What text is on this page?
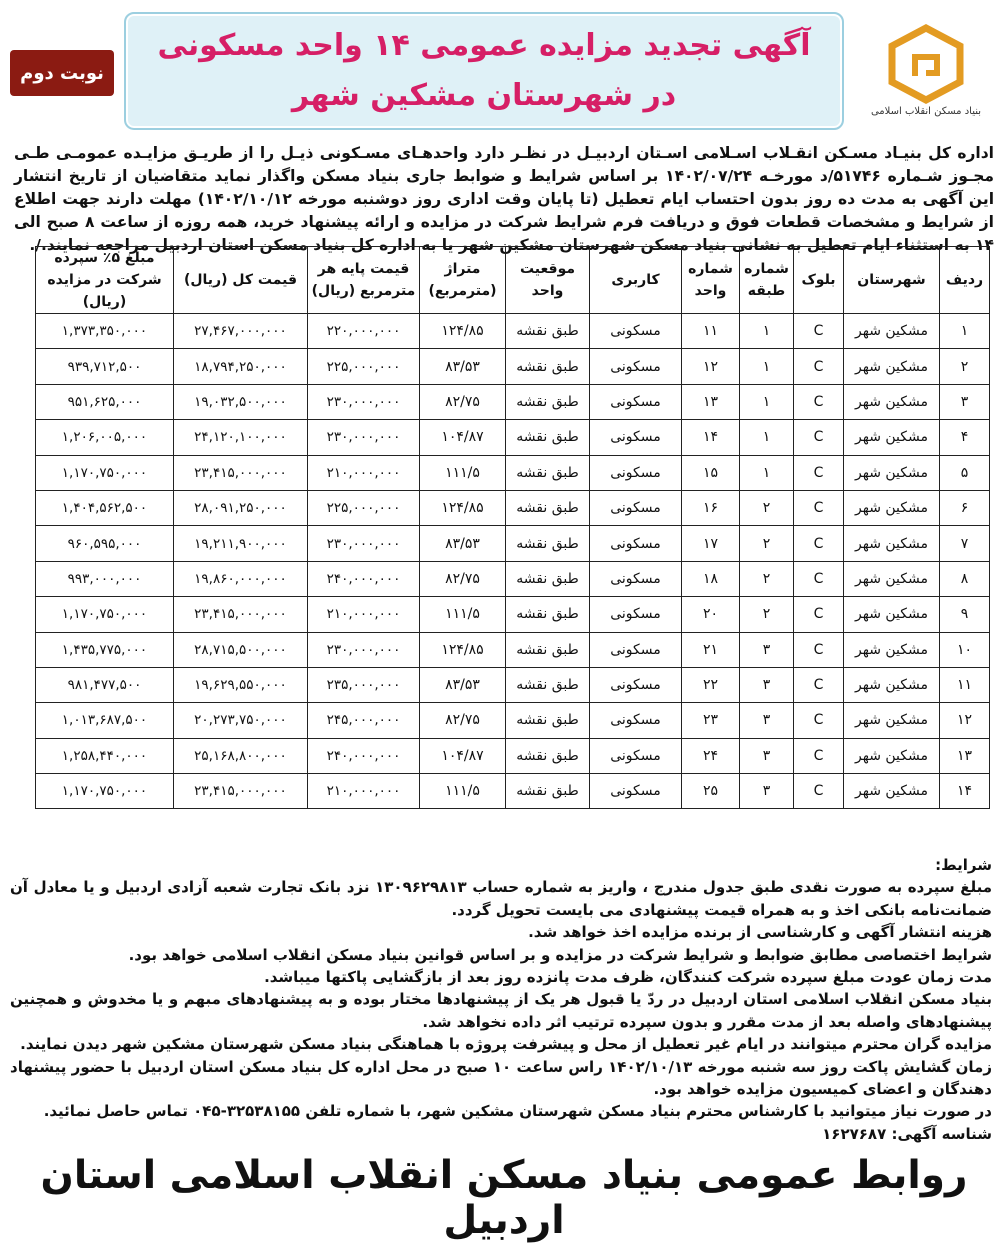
بنیاد مسکن انقلاب اسلامی
آگهی تجدید مزایده عمومی ۱۴ واحد مسکونی
در شهرستان مشکین شهر
نوبت دوم
اداره کل بنیـاد مسـکن انقـلاب اسـلامی اسـتان اردبیـل در نظـر دارد واحدهـای مسـکونی ذیـل را از طریـق مزایـده عمومـی طـی مجـوز شـماره ۵۱۷۴۶/د مورخـه ۱۴۰۲/۰۷/۲۴ بر اساس شرایط و ضوابط جاری بنیاد مسکن واگذار نماید متقاضیان از تاریخ انتشار این آگهی به مدت ده روز بدون احتساب ایام تعطیل (تا پایان وقت اداری روز دوشنبه مورخه ۱۴۰۲/۱۰/۱۲) مهلت دارند جهت اطلاع از شرایط و مشخصات قطعات فوق و دریافت فرم شرایط شرکت در مزایده و ارائه پیشنهاد خرید، همه روزه از ساعت ۸ صبح الی ۱۴ به استثناء ایام تعطیل به نشانی بنیاد مسکن شهرستان مشکین شهر یا به اداره کل بنیاد مسکن استان اردبیل مراجعه نمایند./.
ردیف	شهرستان	بلوک	شماره طبقه	شماره واحد	کاربری	موقعیت واحد	متراژ (مترمربع)	قیمت پایه هر مترمربع (ریال)	قیمت کل (ریال)	مبلغ ۵٪ سپرده شرکت در مزایده (ریال)
۱	مشکین شهر	C	۱	۱۱	مسکونی	طبق نقشه	۱۲۴/۸۵	۲۲۰,۰۰۰,۰۰۰	۲۷,۴۶۷,۰۰۰,۰۰۰	۱,۳۷۳,۳۵۰,۰۰۰
۲	مشکین شهر	C	۱	۱۲	مسکونی	طبق نقشه	۸۳/۵۳	۲۲۵,۰۰۰,۰۰۰	۱۸,۷۹۴,۲۵۰,۰۰۰	۹۳۹,۷۱۲,۵۰۰
۳	مشکین شهر	C	۱	۱۳	مسکونی	طبق نقشه	۸۲/۷۵	۲۳۰,۰۰۰,۰۰۰	۱۹,۰۳۲,۵۰۰,۰۰۰	۹۵۱,۶۲۵,۰۰۰
۴	مشکین شهر	C	۱	۱۴	مسکونی	طبق نقشه	۱۰۴/۸۷	۲۳۰,۰۰۰,۰۰۰	۲۴,۱۲۰,۱۰۰,۰۰۰	۱,۲۰۶,۰۰۵,۰۰۰
۵	مشکین شهر	C	۱	۱۵	مسکونی	طبق نقشه	۱۱۱/۵	۲۱۰,۰۰۰,۰۰۰	۲۳,۴۱۵,۰۰۰,۰۰۰	۱,۱۷۰,۷۵۰,۰۰۰
۶	مشکین شهر	C	۲	۱۶	مسکونی	طبق نقشه	۱۲۴/۸۵	۲۲۵,۰۰۰,۰۰۰	۲۸,۰۹۱,۲۵۰,۰۰۰	۱,۴۰۴,۵۶۲,۵۰۰
۷	مشکین شهر	C	۲	۱۷	مسکونی	طبق نقشه	۸۳/۵۳	۲۳۰,۰۰۰,۰۰۰	۱۹,۲۱۱,۹۰۰,۰۰۰	۹۶۰,۵۹۵,۰۰۰
۸	مشکین شهر	C	۲	۱۸	مسکونی	طبق نقشه	۸۲/۷۵	۲۴۰,۰۰۰,۰۰۰	۱۹,۸۶۰,۰۰۰,۰۰۰	۹۹۳,۰۰۰,۰۰۰
۹	مشکین شهر	C	۲	۲۰	مسکونی	طبق نقشه	۱۱۱/۵	۲۱۰,۰۰۰,۰۰۰	۲۳,۴۱۵,۰۰۰,۰۰۰	۱,۱۷۰,۷۵۰,۰۰۰
۱۰	مشکین شهر	C	۳	۲۱	مسکونی	طبق نقشه	۱۲۴/۸۵	۲۳۰,۰۰۰,۰۰۰	۲۸,۷۱۵,۵۰۰,۰۰۰	۱,۴۳۵,۷۷۵,۰۰۰
۱۱	مشکین شهر	C	۳	۲۲	مسکونی	طبق نقشه	۸۳/۵۳	۲۳۵,۰۰۰,۰۰۰	۱۹,۶۲۹,۵۵۰,۰۰۰	۹۸۱,۴۷۷,۵۰۰
۱۲	مشکین شهر	C	۳	۲۳	مسکونی	طبق نقشه	۸۲/۷۵	۲۴۵,۰۰۰,۰۰۰	۲۰,۲۷۳,۷۵۰,۰۰۰	۱,۰۱۳,۶۸۷,۵۰۰
۱۳	مشکین شهر	C	۳	۲۴	مسکونی	طبق نقشه	۱۰۴/۸۷	۲۴۰,۰۰۰,۰۰۰	۲۵,۱۶۸,۸۰۰,۰۰۰	۱,۲۵۸,۴۴۰,۰۰۰
۱۴	مشکین شهر	C	۳	۲۵	مسکونی	طبق نقشه	۱۱۱/۵	۲۱۰,۰۰۰,۰۰۰	۲۳,۴۱۵,۰۰۰,۰۰۰	۱,۱۷۰,۷۵۰,۰۰۰

شرایط:

مبلغ سپرده به صورت نقدی طبق جدول مندرج ، واریز به شماره حساب ۱۳۰۹۶۲۹۸۱۳ نزد بانک تجارت شعبه آزادی اردبیل و یا معادل آن ضمانت‌نامه بانکی اخذ و به همراه قیمت پیشنهادی می بایست تحویل گردد.

هزینه انتشار آگهی و کارشناسی از برنده مزایده اخذ خواهد شد.

شرایط اختصاصی مطابق ضوابط و شرایط شرکت در مزایده و بر اساس قوانین بنیاد مسکن انقلاب اسلامی خواهد بود.

مدت زمان عودت مبلغ سپرده شرکت کنندگان، ظرف مدت پانزده روز بعد از بازگشایی پاکتها میباشد.

بنیاد مسکن انقلاب اسلامی استان اردبیل در ردّ یا قبول هر یک از پیشنهادها مختار بوده و به پیشنهادهای مبهم و یا مخدوش و همچنین پیشنهادهای واصله بعد از مدت مقرر و بدون سپرده ترتیب اثر داده نخواهد شد.

مزایده گران محترم میتوانند در ایام غیر تعطیل از محل و پیشرفت پروژه با هماهنگی بنیاد مسکن شهرستان مشکین شهر دیدن نمایند.

زمان گشایش پاکت روز سه شنبه مورخه ۱۴۰۲/۱۰/۱۳ راس ساعت ۱۰ صبح در محل اداره کل بنیاد مسکن استان اردبیل با حضور پیشنهاد دهندگان و اعضای کمیسیون مزایده خواهد بود.

در صورت نیاز میتوانید با کارشناس محترم بنیاد مسکن شهرستان مشکین شهر، با شماره تلفن ۳۲۵۳۸۱۵۵-۰۴۵ تماس حاصل نمائید.

شناسه آگهی: ۱۶۲۷۶۸۷

روابط عمومی بنیاد مسکن انقلاب اسلامی استان اردبیل
